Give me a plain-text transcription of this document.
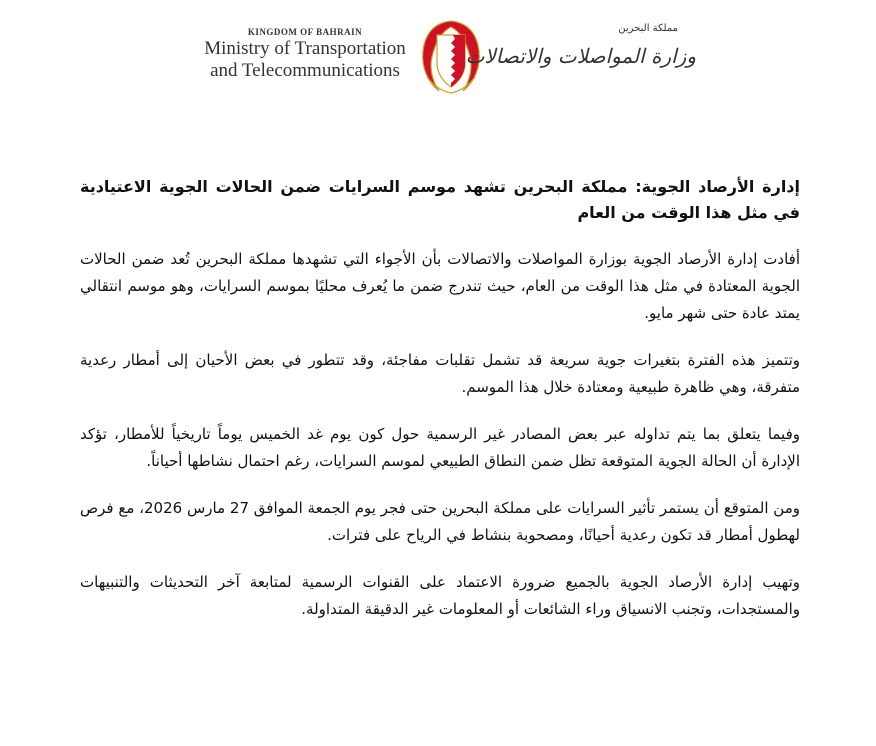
KINGDOM OF BAHRAIN
Ministry of Transportation
and Telecommunications
مملكة البحرين
وزارة المواصلات والاتصالات

إدارة الأرصاد الجوية: مملكة البحرين تشهد موسم السرايات ضمن الحالات الجوية الاعتيادية في مثل هذا الوقت من العام

أفادت إدارة الأرصاد الجوية بوزارة المواصلات والاتصالات بأن الأجواء التي تشهدها مملكة البحرين تُعد ضمن الحالات الجوية المعتادة في مثل هذا الوقت من العام، حيث تندرج ضمن ما يُعرف محليًا بموسم السرايات، وهو موسم انتقالي يمتد عادة حتى شهر مايو.

وتتميز هذه الفترة بتغيرات جوية سريعة قد تشمل تقلبات مفاجئة، وقد تتطور في بعض الأحيان إلى أمطار رعدية متفرقة، وهي ظاهرة طبيعية ومعتادة خلال هذا الموسم.

وفيما يتعلق بما يتم تداوله عبر بعض المصادر غير الرسمية حول كون يوم غد الخميس يوماً تاريخياً للأمطار، تؤكد الإدارة أن الحالة الجوية المتوقعة تظل ضمن النطاق الطبيعي لموسم السرايات، رغم احتمال نشاطها أحياناً.

ومن المتوقع أن يستمر تأثير السرايات على مملكة البحرين حتى فجر يوم الجمعة الموافق 27 مارس 2026، مع فرص لهطول أمطار قد تكون رعدية أحيانًا، ومصحوبة بنشاط في الرياح على فترات.

وتهيب إدارة الأرصاد الجوية بالجميع ضرورة الاعتماد على القنوات الرسمية لمتابعة آخر التحديثات والتنبيهات والمستجدات، وتجنب الانسياق وراء الشائعات أو المعلومات غير الدقيقة المتداولة.
